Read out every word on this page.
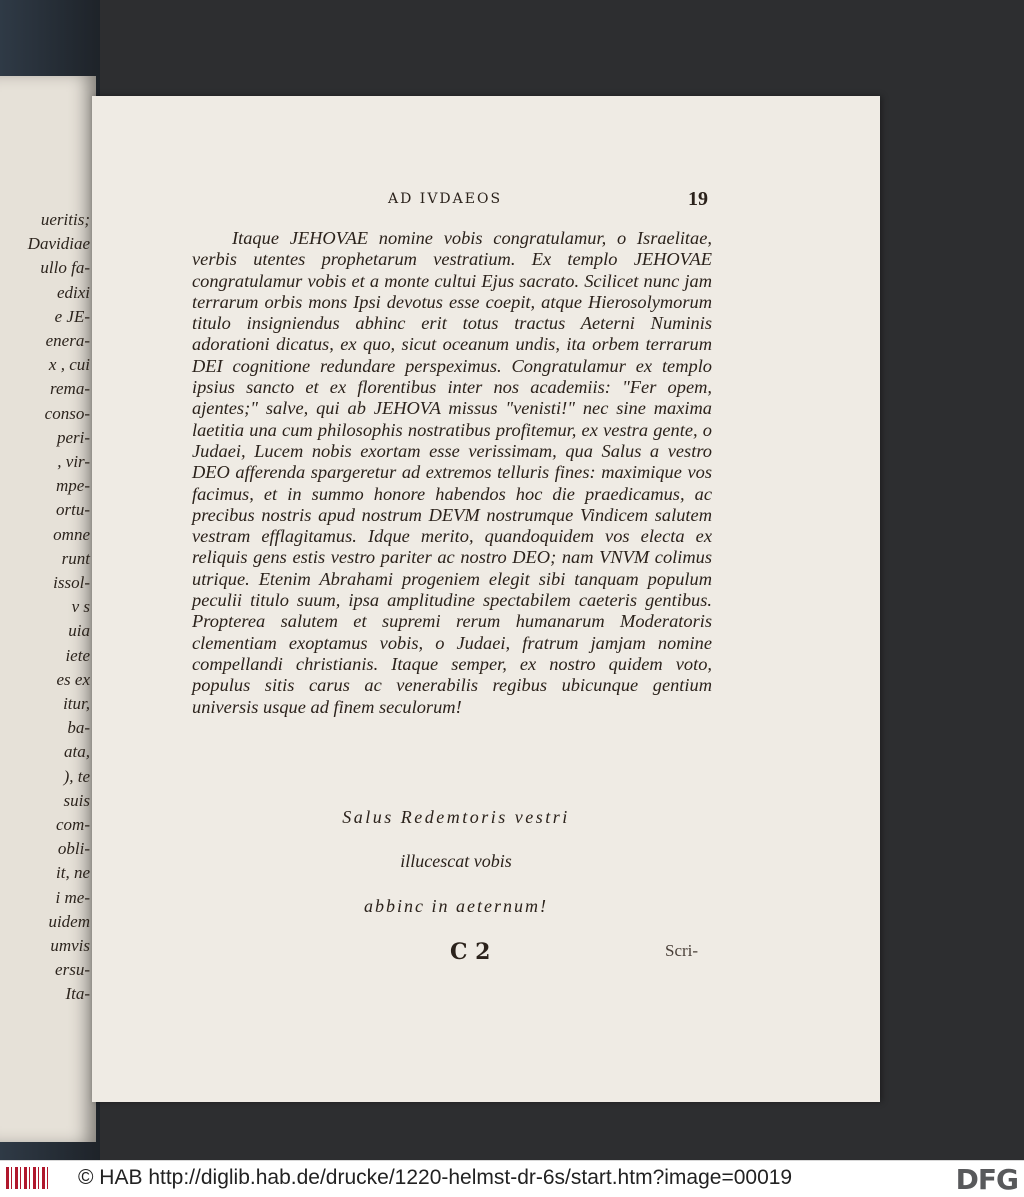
ueritis;
Davidiae
ullo fa-
edixi
e JE-
enera-
x , cui
rema-
conso-
peri-
, vir-
mpe-
ortu-
omne
runt
issol-
v s
uia
iete
es ex
itur,
ba-
ata,
), te
suis
com-
obli-
it, ne
i me-
uidem
umvis
ersu-
Ita-
AD IVDAEOS	19

Itaque JEHOVAE nomine vobis congratulamur, o Israelitae, verbis utentes prophetarum vestratium. Ex templo JEHOVAE congratulamur vobis et a monte cultui Ejus sacrato. Scilicet nunc jam terrarum orbis mons Ipsi devotus esse coepit, atque Hierosolymorum titulo insigniendus abhinc erit totus tractus Aeterni Numinis adorationi dicatus, ex quo, sicut oceanum undis, ita orbem terrarum DEI cognitione redundare perspeximus. Congratulamur ex templo ipsius sancto et ex florentibus inter nos academiis: "Fer opem, ajentes;" salve, qui ab JEHOVA missus "venisti!" nec sine maxima laetitia una cum philosophis nostratibus profitemur, ex vestra gente, o Judaei, Lucem nobis exortam esse verissimam, qua Salus a vestro DEO afferenda spargeretur ad extremos telluris fines: maximique vos facimus, et in summo honore habendos hoc die praedicamus, ac precibus nostris apud nostrum DEVM nostrumque Vindicem salutem vestram efflagitamus. Idque merito, quandoquidem vos electa ex reliquis gens estis vestro pariter ac nostro DEO; nam VNVM colimus utrique. Etenim Abrahami progeniem elegit sibi tanquam populum peculii titulo suum, ipsa amplitudine spectabilem caeteris gentibus. Propterea salutem et supremi rerum humanarum Moderatoris clementiam exoptamus vobis, o Judaei, fratrum jamjam nomine compellandi christianis. Itaque semper, ex nostro quidem voto, populus sitis carus ac venerabilis regibus ubicunque gentium universis usque ad finem seculorum!

Salus Redemtoris vestri
illucescat vobis
abbinc in aeternum!
C 2	Scri-
© HAB http://diglib.hab.de/drucke/1220-helmst-dr-6s/start.htm?image=00019	DFG
